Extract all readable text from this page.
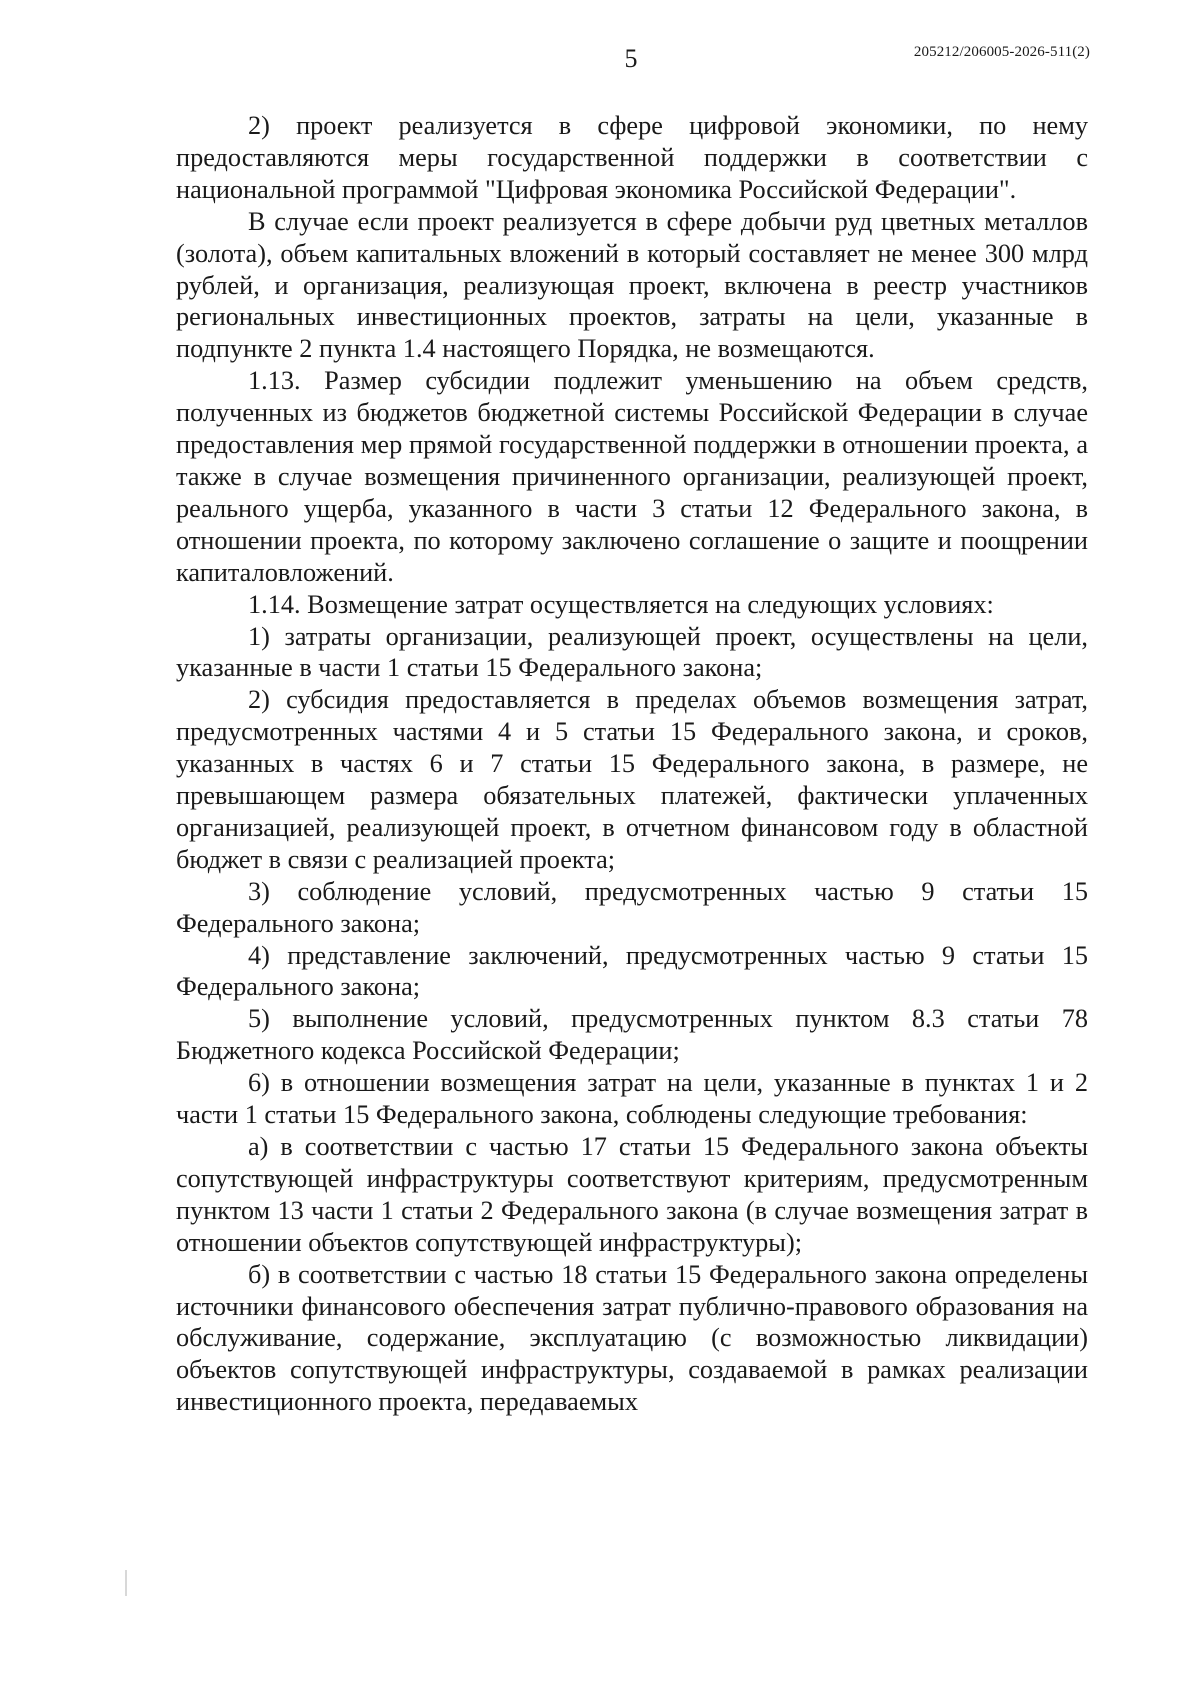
5	205212/206005-2026-511(2)

2) проект реализуется в сфере цифровой экономики, по нему предоставляются меры государственной поддержки в соответствии с национальной программой "Цифровая экономика Российской Федерации".

В случае если проект реализуется в сфере добычи руд цветных металлов (золота), объем капитальных вложений в который составляет не менее 300 млрд рублей, и организация, реализующая проект, включена в реестр участников региональных инвестиционных проектов, затраты на цели, указанные в подпункте 2 пункта 1.4 настоящего Порядка, не возмещаются.

1.13. Размер субсидии подлежит уменьшению на объем средств, полученных из бюджетов бюджетной системы Российской Федерации в случае предоставления мер прямой государственной поддержки в отношении проекта, а также в случае возмещения причиненного организации, реализующей проект, реального ущерба, указанного в части 3 статьи 12 Федерального закона, в отношении проекта, по которому заключено соглашение о защите и поощрении капиталовложений.

1.14. Возмещение затрат осуществляется на следующих условиях:

1) затраты организации, реализующей проект, осуществлены на цели, указанные в части 1 статьи 15 Федерального закона;

2) субсидия предоставляется в пределах объемов возмещения затрат, предусмотренных частями 4 и 5 статьи 15 Федерального закона, и сроков, указанных в частях 6 и 7 статьи 15 Федерального закона, в размере, не превышающем размера обязательных платежей, фактически уплаченных организацией, реализующей проект, в отчетном финансовом году в областной бюджет в связи с реализацией проекта;

3) соблюдение условий, предусмотренных частью 9 статьи 15 Федерального закона;

4) представление заключений, предусмотренных частью 9 статьи 15 Федерального закона;

5) выполнение условий, предусмотренных пунктом 8.3 статьи 78 Бюджетного кодекса Российской Федерации;

6) в отношении возмещения затрат на цели, указанные в пунктах 1 и 2 части 1 статьи 15 Федерального закона, соблюдены следующие требования:

а) в соответствии с частью 17 статьи 15 Федерального закона объекты сопутствующей инфраструктуры соответствуют критериям, предусмотренным пунктом 13 части 1 статьи 2 Федерального закона (в случае возмещения затрат в отношении объектов сопутствующей инфраструктуры);

б) в соответствии с частью 18 статьи 15 Федерального закона определены источники финансового обеспечения затрат публично-правового образования на обслуживание, содержание, эксплуатацию (с возможностью ликвидации) объектов сопутствующей инфраструктуры, создаваемой в рамках реализации инвестиционного проекта, передаваемых
